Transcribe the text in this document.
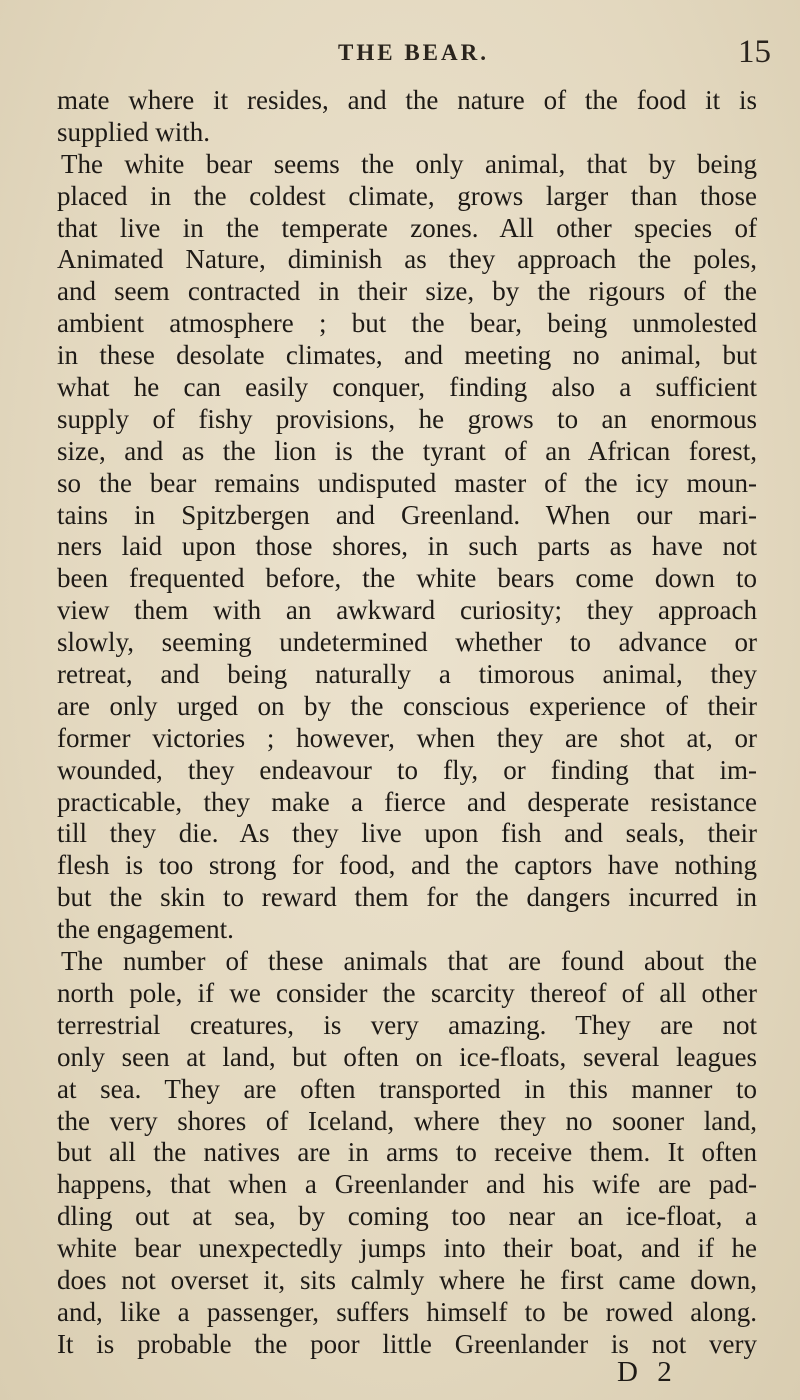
THE BEAR.	15
mate where it resides, and the nature of the food it is
supplied with.
The white bear seems the only animal, that by being
placed in the coldest climate, grows larger than those
that live in the temperate zones. All other species of
Animated Nature, diminish as they approach the poles,
and seem contracted in their size, by the rigours of the
ambient atmosphere ; but the bear, being unmolested
in these desolate climates, and meeting no animal, but
what he can easily conquer, finding also a sufficient
supply of fishy provisions, he grows to an enormous
size, and as the lion is the tyrant of an African forest,
so the bear remains undisputed master of the icy moun-
tains in Spitzbergen and Greenland. When our mari-
ners laid upon those shores, in such parts as have not
been frequented before, the white bears come down to
view them with an awkward curiosity; they approach
slowly, seeming undetermined whether to advance or
retreat, and being naturally a timorous animal, they
are only urged on by the conscious experience of their
former victories ; however, when they are shot at, or
wounded, they endeavour to fly, or finding that im-
practicable, they make a fierce and desperate resistance
till they die. As they live upon fish and seals, their
flesh is too strong for food, and the captors have nothing
but the skin to reward them for the dangers incurred in
the engagement.
The number of these animals that are found about the
north pole, if we consider the scarcity thereof of all other
terrestrial creatures, is very amazing. They are not
only seen at land, but often on ice-floats, several leagues
at sea. They are often transported in this manner to
the very shores of Iceland, where they no sooner land,
but all the natives are in arms to receive them. It often
happens, that when a Greenlander and his wife are pad-
dling out at sea, by coming too near an ice-float, a
white bear unexpectedly jumps into their boat, and if he
does not overset it, sits calmly where he first came down,
and, like a passenger, suffers himself to be rowed along.
It is probable the poor little Greenlander is not very
D 2
